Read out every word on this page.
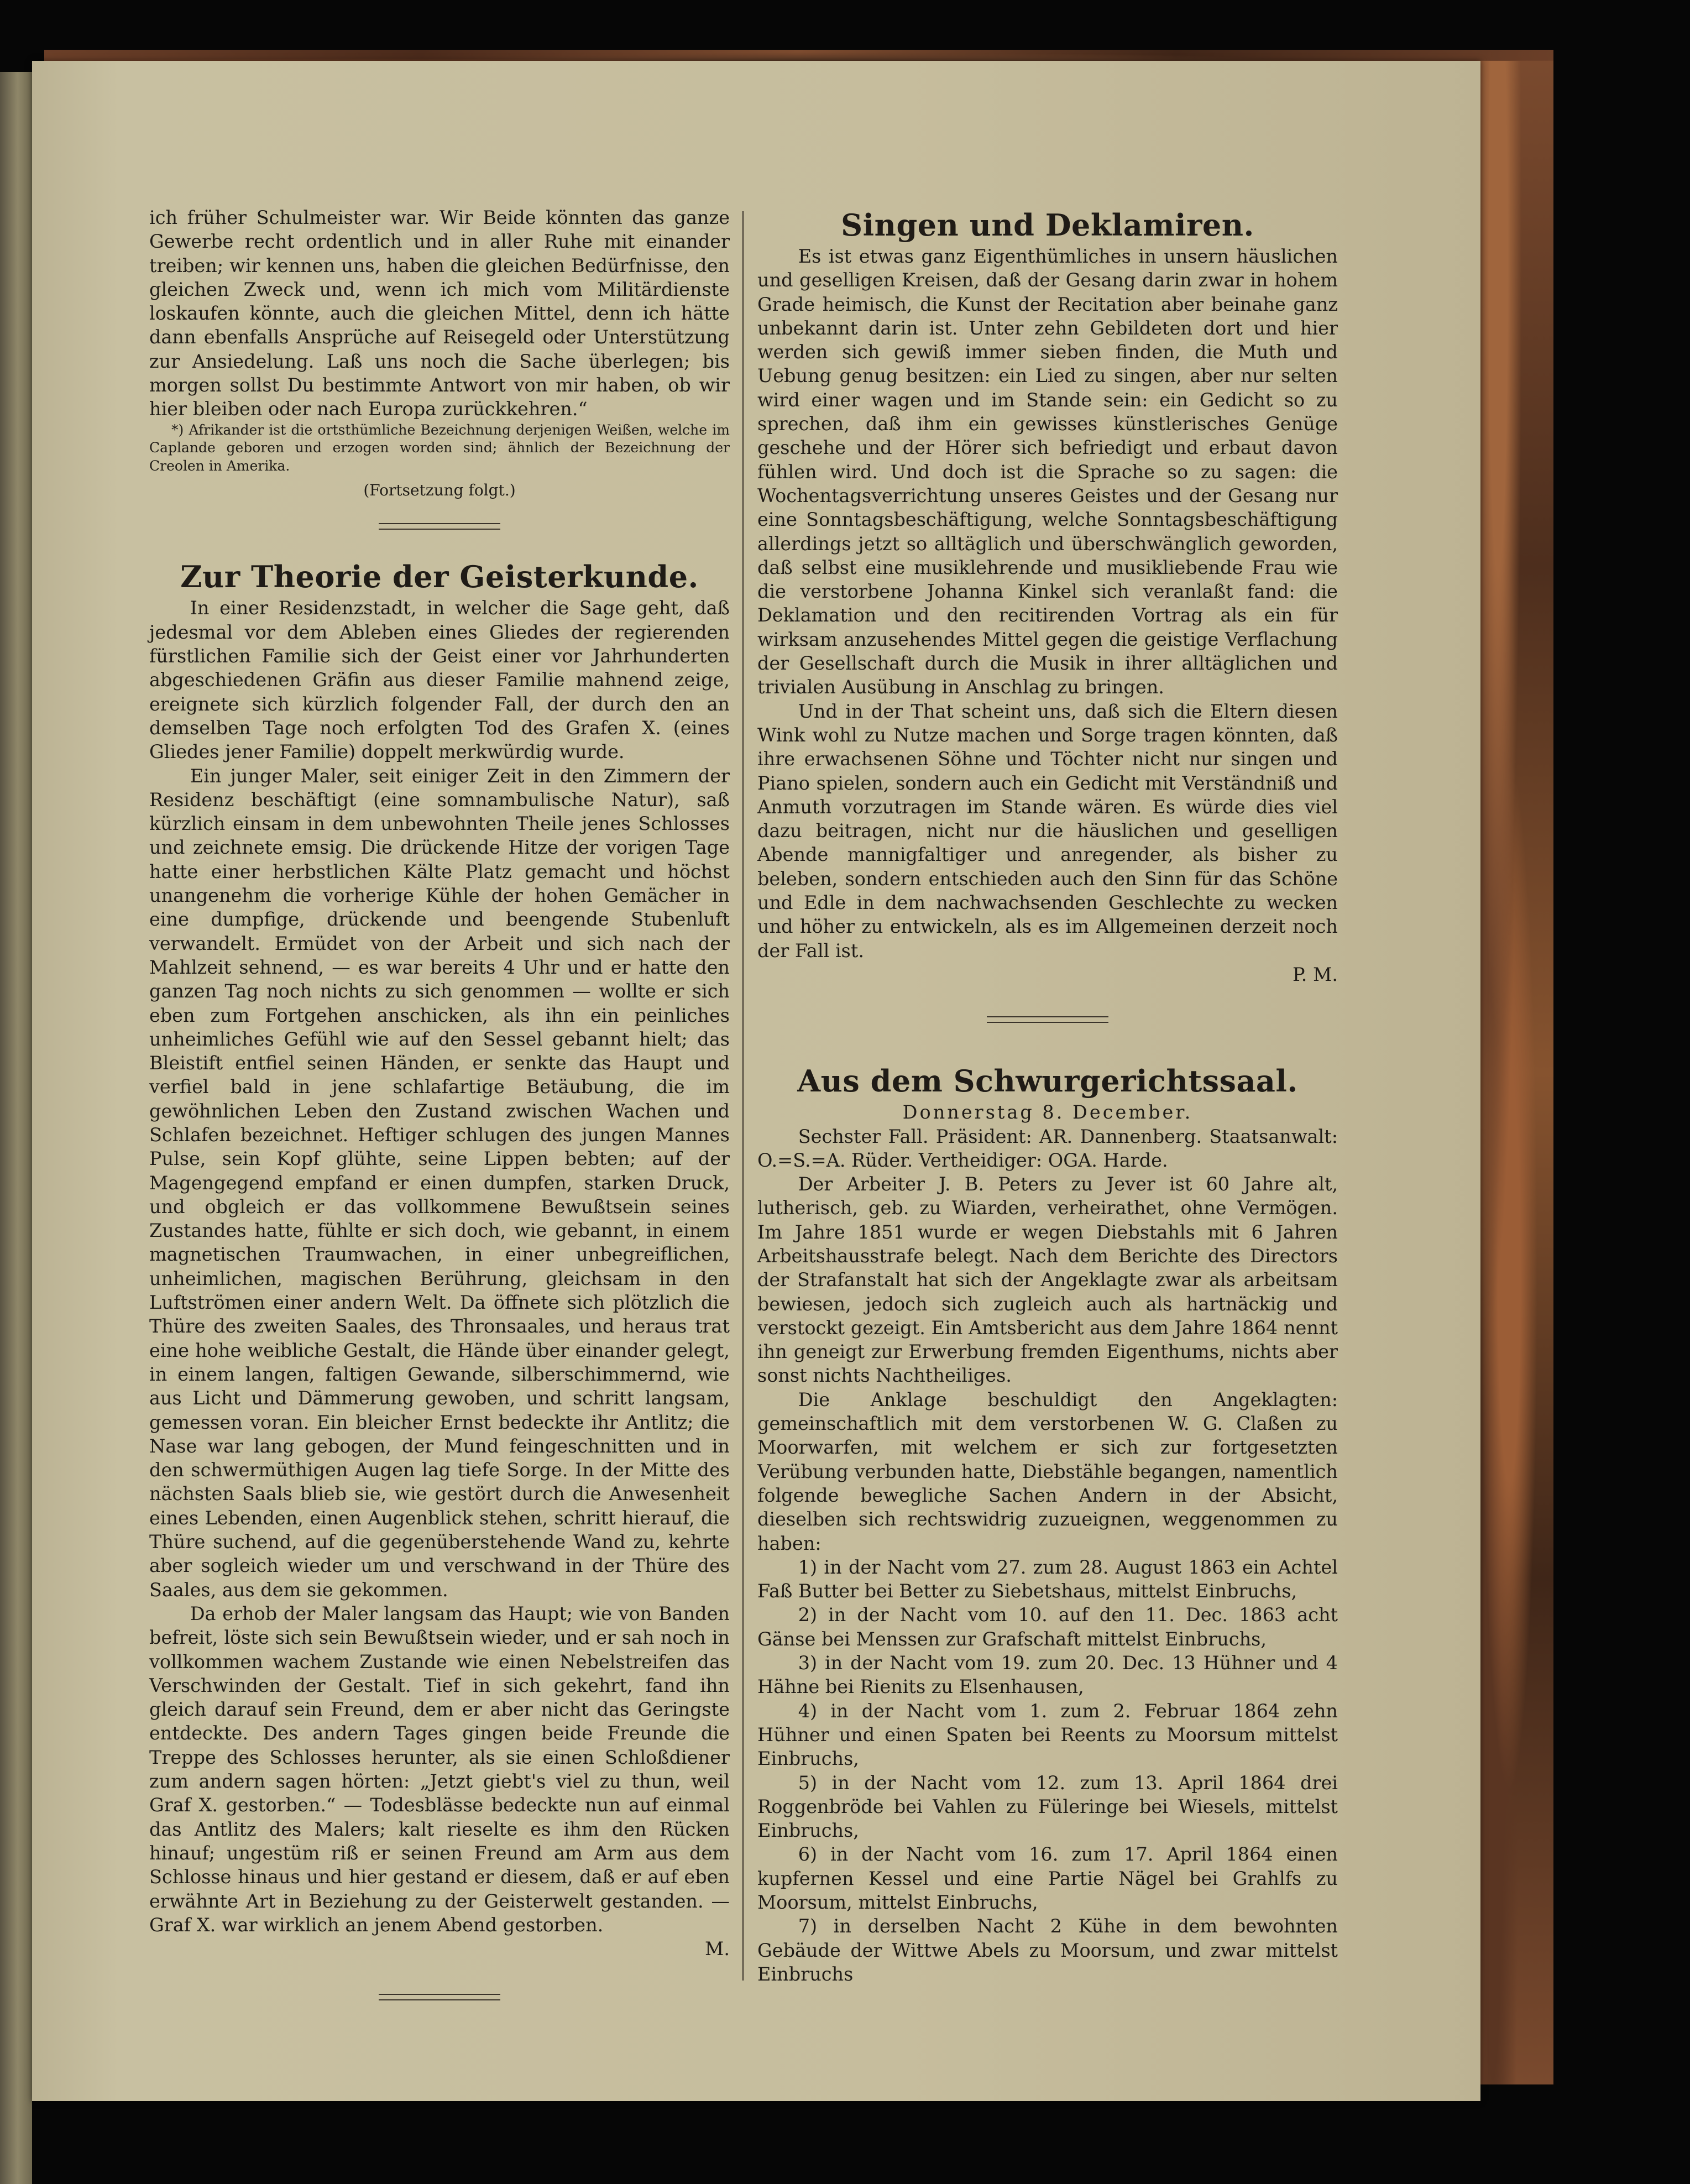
ich früher Schulmeister war. Wir Beide könnten das ganze Gewerbe recht ordentlich und in aller Ruhe mit einander treiben; wir kennen uns, haben die gleichen Bedürfnisse, den gleichen Zweck und, wenn ich mich vom Militärdienste loskaufen könnte, auch die gleichen Mittel, denn ich hätte dann ebenfalls Ansprüche auf Reisegeld oder Unterstützung zur Ansiedelung. Laß uns noch die Sache überlegen; bis morgen sollst Du bestimmte Antwort von mir haben, ob wir hier bleiben oder nach Europa zurückkehren.“

*) Afrikander ist die ortsthümliche Bezeichnung derjenigen Weißen, welche im Caplande geboren und erzogen worden sind; ähnlich der Bezeichnung der Creolen in Amerika.

(Fortsetzung folgt.)

Zur Theorie der Geisterkunde.

In einer Residenzstadt, in welcher die Sage geht, daß jedesmal vor dem Ableben eines Gliedes der regierenden fürstlichen Familie sich der Geist einer vor Jahrhunderten abgeschiedenen Gräfin aus dieser Familie mahnend zeige, ereignete sich kürzlich folgender Fall, der durch den an demselben Tage noch erfolgten Tod des Grafen X. (eines Gliedes jener Familie) doppelt merkwürdig wurde.

Ein junger Maler, seit einiger Zeit in den Zimmern der Residenz beschäftigt (eine somnambulische Natur), saß kürzlich einsam in dem unbewohnten Theile jenes Schlosses und zeichnete emsig. Die drückende Hitze der vorigen Tage hatte einer herbstlichen Kälte Platz gemacht und höchst unangenehm die vorherige Kühle der hohen Gemächer in eine dumpfige, drückende und beengende Stubenluft verwandelt. Ermüdet von der Arbeit und sich nach der Mahlzeit sehnend, — es war bereits 4 Uhr und er hatte den ganzen Tag noch nichts zu sich genommen — wollte er sich eben zum Fortgehen anschicken, als ihn ein peinliches unheimliches Gefühl wie auf den Sessel gebannt hielt; das Bleistift entfiel seinen Händen, er senkte das Haupt und verfiel bald in jene schlafartige Betäubung, die im gewöhnlichen Leben den Zustand zwischen Wachen und Schlafen bezeichnet. Heftiger schlugen des jungen Mannes Pulse, sein Kopf glühte, seine Lippen bebten; auf der Magengegend empfand er einen dumpfen, starken Druck, und obgleich er das vollkommene Bewußtsein seines Zustandes hatte, fühlte er sich doch, wie gebannt, in einem magnetischen Traumwachen, in einer unbegreiflichen, unheimlichen, magischen Berührung, gleichsam in den Luftströmen einer andern Welt. Da öffnete sich plötzlich die Thüre des zweiten Saales, des Thronsaales, und heraus trat eine hohe weibliche Gestalt, die Hände über einander gelegt, in einem langen, faltigen Gewande, silberschimmernd, wie aus Licht und Dämmerung gewoben, und schritt langsam, gemessen voran. Ein bleicher Ernst bedeckte ihr Antlitz; die Nase war lang gebogen, der Mund feingeschnitten und in den schwermüthigen Augen lag tiefe Sorge. In der Mitte des nächsten Saals blieb sie, wie gestört durch die Anwesenheit eines Lebenden, einen Augenblick stehen, schritt hierauf, die Thüre suchend, auf die gegenüberstehende Wand zu, kehrte aber sogleich wieder um und verschwand in der Thüre des Saales, aus dem sie gekommen.

Da erhob der Maler langsam das Haupt; wie von Banden befreit, löste sich sein Bewußtsein wieder, und er sah noch in vollkommen wachem Zustande wie einen Nebelstreifen das Verschwinden der Gestalt. Tief in sich gekehrt, fand ihn gleich darauf sein Freund, dem er aber nicht das Geringste entdeckte. Des andern Tages gingen beide Freunde die Treppe des Schlosses herunter, als sie einen Schloßdiener zum andern sagen hörten: „Jetzt giebt's viel zu thun, weil Graf X. gestorben.“ — Todesblässe bedeckte nun auf einmal das Antlitz des Malers; kalt rieselte es ihm den Rücken hinauf; ungestüm riß er seinen Freund am Arm aus dem Schlosse hinaus und hier gestand er diesem, daß er auf eben erwähnte Art in Beziehung zu der Geisterwelt gestanden. — Graf X. war wirklich an jenem Abend gestorben.

M.

Singen und Deklamiren.

Es ist etwas ganz Eigenthümliches in unsern häuslichen und geselligen Kreisen, daß der Gesang darin zwar in hohem Grade heimisch, die Kunst der Recitation aber beinahe ganz unbekannt darin ist. Unter zehn Gebildeten dort und hier werden sich gewiß immer sieben finden, die Muth und Uebung genug besitzen: ein Lied zu singen, aber nur selten wird einer wagen und im Stande sein: ein Gedicht so zu sprechen, daß ihm ein gewisses künstlerisches Genüge geschehe und der Hörer sich befriedigt und erbaut davon fühlen wird. Und doch ist die Sprache so zu sagen: die Wochentagsverrichtung unseres Geistes und der Gesang nur eine Sonntagsbeschäftigung, welche Sonntagsbeschäftigung allerdings jetzt so alltäglich und überschwänglich geworden, daß selbst eine musiklehrende und musikliebende Frau wie die verstorbene Johanna Kinkel sich veranlaßt fand: die Deklamation und den recitirenden Vortrag als ein für wirksam anzusehendes Mittel gegen die geistige Verflachung der Gesellschaft durch die Musik in ihrer alltäglichen und trivialen Ausübung in Anschlag zu bringen.

Und in der That scheint uns, daß sich die Eltern diesen Wink wohl zu Nutze machen und Sorge tragen könnten, daß ihre erwachsenen Söhne und Töchter nicht nur singen und Piano spielen, sondern auch ein Gedicht mit Verständniß und Anmuth vorzutragen im Stande wären. Es würde dies viel dazu beitragen, nicht nur die häuslichen und geselligen Abende mannigfaltiger und anregender, als bisher zu beleben, sondern entschieden auch den Sinn für das Schöne und Edle in dem nachwachsenden Geschlechte zu wecken und höher zu entwickeln, als es im Allgemeinen derzeit noch der Fall ist.

P. M.

Aus dem Schwurgerichtssaal.

Donnerstag 8. December.

Sechster Fall. Präsident: AR. Dannenberg. Staatsanwalt: O.=S.=A. Rüder. Vertheidiger: OGA. Harde.

Der Arbeiter J. B. Peters zu Jever ist 60 Jahre alt, lutherisch, geb. zu Wiarden, verheirathet, ohne Vermögen. Im Jahre 1851 wurde er wegen Diebstahls mit 6 Jahren Arbeitshausstrafe belegt. Nach dem Berichte des Directors der Strafanstalt hat sich der Angeklagte zwar als arbeitsam bewiesen, jedoch sich zugleich auch als hartnäckig und verstockt gezeigt. Ein Amtsbericht aus dem Jahre 1864 nennt ihn geneigt zur Erwerbung fremden Eigenthums, nichts aber sonst nichts Nachtheiliges.

Die Anklage beschuldigt den Angeklagten: gemeinschaftlich mit dem verstorbenen W. G. Claßen zu Moorwarfen, mit welchem er sich zur fortgesetzten Verübung verbunden hatte, Diebstähle begangen, namentlich folgende bewegliche Sachen Andern in der Absicht, dieselben sich rechtswidrig zuzueignen, weggenommen zu haben:

1) in der Nacht vom 27. zum 28. August 1863 ein Achtel Faß Butter bei Better zu Siebetshaus, mittelst Einbruchs,

2) in der Nacht vom 10. auf den 11. Dec. 1863 acht Gänse bei Menssen zur Grafschaft mittelst Einbruchs,

3) in der Nacht vom 19. zum 20. Dec. 13 Hühner und 4 Hähne bei Rienits zu Elsenhausen,

4) in der Nacht vom 1. zum 2. Februar 1864 zehn Hühner und einen Spaten bei Reents zu Moorsum mittelst Einbruchs,

5) in der Nacht vom 12. zum 13. April 1864 drei Roggenbröde bei Vahlen zu Füleringe bei Wiesels, mittelst Einbruchs,

6) in der Nacht vom 16. zum 17. April 1864 einen kupfernen Kessel und eine Partie Nägel bei Grahlfs zu Moorsum, mittelst Einbruchs,

7) in derselben Nacht 2 Kühe in dem bewohnten Gebäude der Wittwe Abels zu Moorsum, und zwar mittelst Einbruchs
